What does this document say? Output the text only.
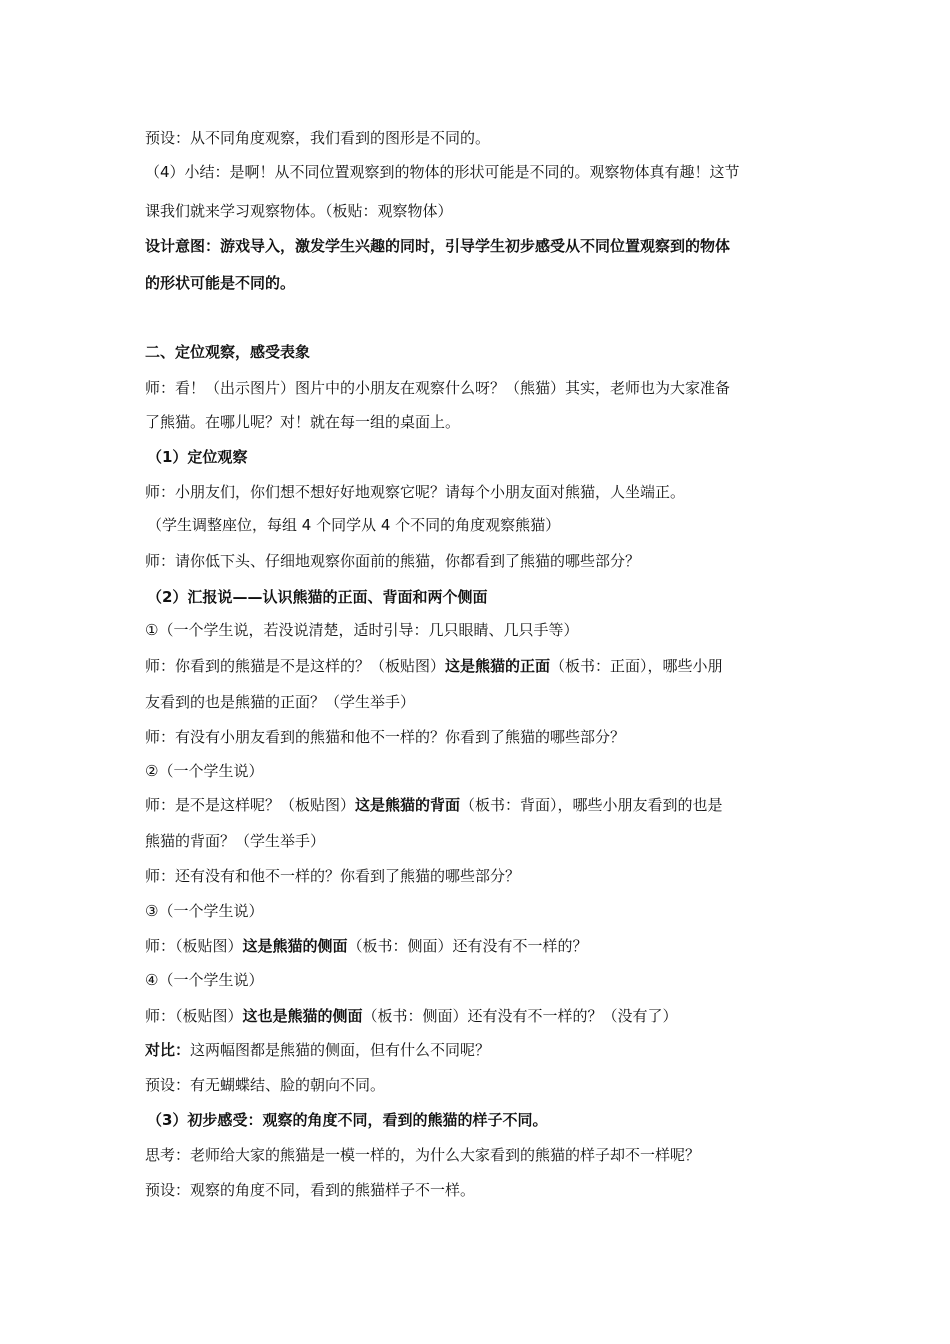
预设：从不同角度观察，我们看到的图形是不同的。
（4）小结：是啊！从不同位置观察到的物体的形状可能是不同的。观察物体真有趣！这节
课我们就来学习观察物体。（板贴：观察物体）
设计意图：游戏导入，激发学生兴趣的同时，引导学生初步感受从不同位置观察到的物体
的形状可能是不同的。
二、定位观察，感受表象
师：看！（出示图片）图片中的小朋友在观察什么呀？（熊猫）其实，老师也为大家准备
了熊猫。在哪儿呢？对！就在每一组的桌面上。
（1）定位观察
师：小朋友们，你们想不想好好地观察它呢？请每个小朋友面对熊猫，人坐端正。
（学生调整座位，每组 4 个同学从 4 个不同的角度观察熊猫）
师：请你低下头、仔细地观察你面前的熊猫，你都看到了熊猫的哪些部分？
（2）汇报说——认识熊猫的正面、背面和两个侧面
①（一个学生说，若没说清楚，适时引导：几只眼睛、几只手等）
师：你看到的熊猫是不是这样的？（板贴图）这是熊猫的正面（板书：正面），哪些小朋
友看到的也是熊猫的正面？（学生举手）
师：有没有小朋友看到的熊猫和他不一样的？你看到了熊猫的哪些部分？
②（一个学生说）
师：是不是这样呢？（板贴图）这是熊猫的背面（板书：背面），哪些小朋友看到的也是
熊猫的背面？（学生举手）
师：还有没有和他不一样的？你看到了熊猫的哪些部分？
③（一个学生说）
师：（板贴图）这是熊猫的侧面（板书：侧面）还有没有不一样的？
④（一个学生说）
师：（板贴图）这也是熊猫的侧面（板书：侧面）还有没有不一样的？（没有了）
对比：这两幅图都是熊猫的侧面，但有什么不同呢？
预设：有无蝴蝶结、脸的朝向不同。
（3）初步感受：观察的角度不同，看到的熊猫的样子不同。
思考：老师给大家的熊猫是一模一样的，为什么大家看到的熊猫的样子却不一样呢？
预设：观察的角度不同，看到的熊猫样子不一样。
